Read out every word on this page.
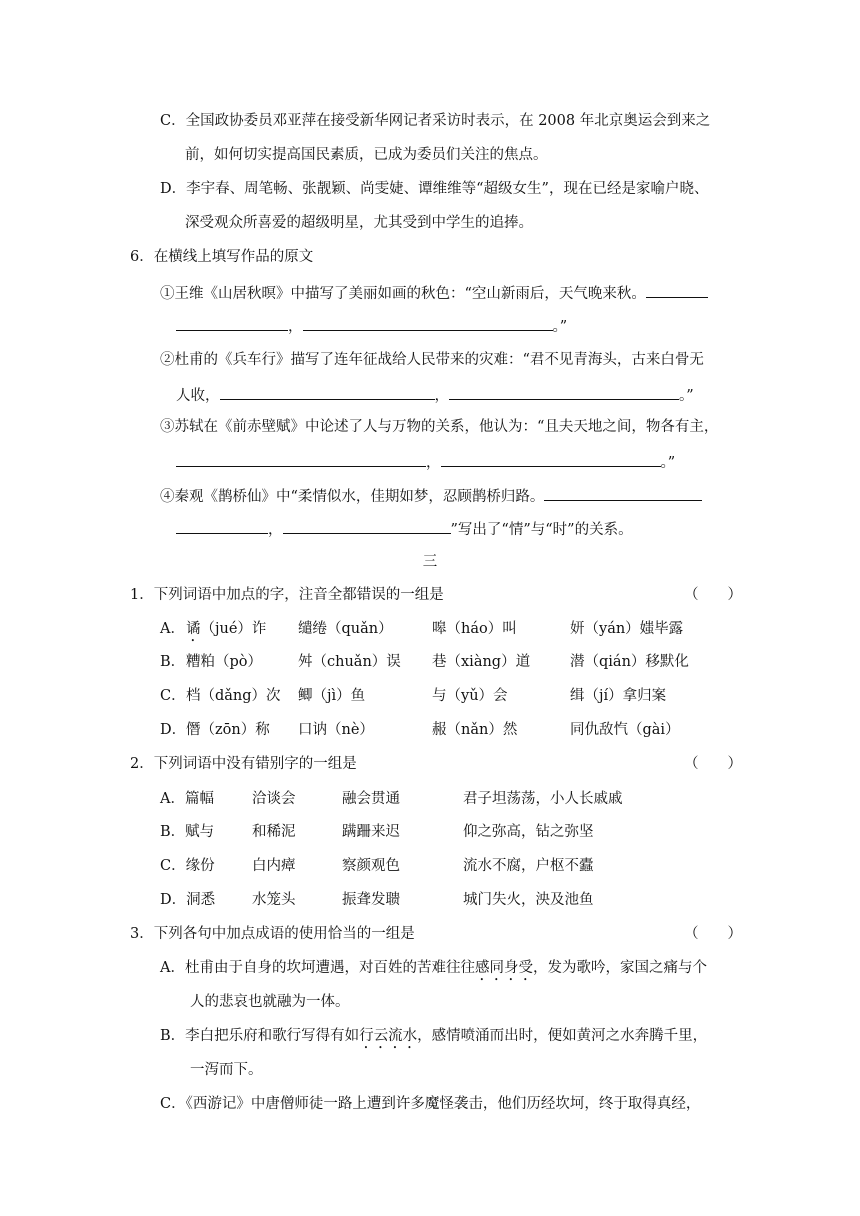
C．全国政协委员邓亚萍在接受新华网记者采访时表示，在 2008 年北京奥运会到来之
前，如何切实提高国民素质，已成为委员们关注的焦点。
D．李宇春、周笔畅、张靓颖、尚雯婕、谭维维等“超级女生”，现在已经是家喻户晓、
深受观众所喜爱的超级明星，尤其受到中学生的追捧。
6．在横线上填写作品的原文
①王维《山居秋暝》中描写了美丽如画的秋色：“空山新雨后，天气晚来秋。
，	。”
②杜甫的《兵车行》描写了连年征战给人民带来的灾难：“君不见青海头，古来白骨无
人收，	，	。”
③苏轼在《前赤壁赋》中论述了人与万物的关系，他认为：“且夫天地之间，物各有主，
，	。”
④秦观《鹊桥仙》中“柔情似水，佳期如梦，忍顾鹊桥归路。
，	”写出了“情”与“时”的关系。
三
1．下列词语中加点的字，注音全都错误的一组是	（　　）
A． 谲（jué）诈 缱绻（quǎn）	嗥（háo）叫	妍（yán）媸毕露
B． 糟粕（pò） 舛（chuǎn）误 巷（xiàng）道	潜（qián）移默化
C． 档（dǎng）次 鲫（jì）鱼	与（yǔ）会	缉（jí）拿归案
D． 僭（zōn）称 口讷（nè）	赧（nǎn）然	同仇敌忾（gài）
2．下列词语中没有错别字的一组是	（　　）
A．篇幅	洽谈会	融会贯通	君子坦荡荡，小人长戚戚
B．赋与	和稀泥	蹒跚来迟	仰之弥高，钻之弥坚
C．缘份	白内瘴	察颜观色	流水不腐，户枢不蠹
D．洞悉	水笼头	振聋发聩	城门失火，泱及池鱼
3．下列各句中加点成语的使用恰当的一组是	（　　）
A．杜甫由于自身的坎坷遭遇，对百姓的苦难往往感同身受，发为歌吟，家国之痛与个
人的悲哀也就融为一体。
B．李白把乐府和歌行写得有如行云流水，感情喷涌而出时，便如黄河之水奔腾千里，
一泻而下。
C．《西游记》中唐僧师徒一路上遭到许多魔怪袭击，他们历经坎坷，终于取得真经，
